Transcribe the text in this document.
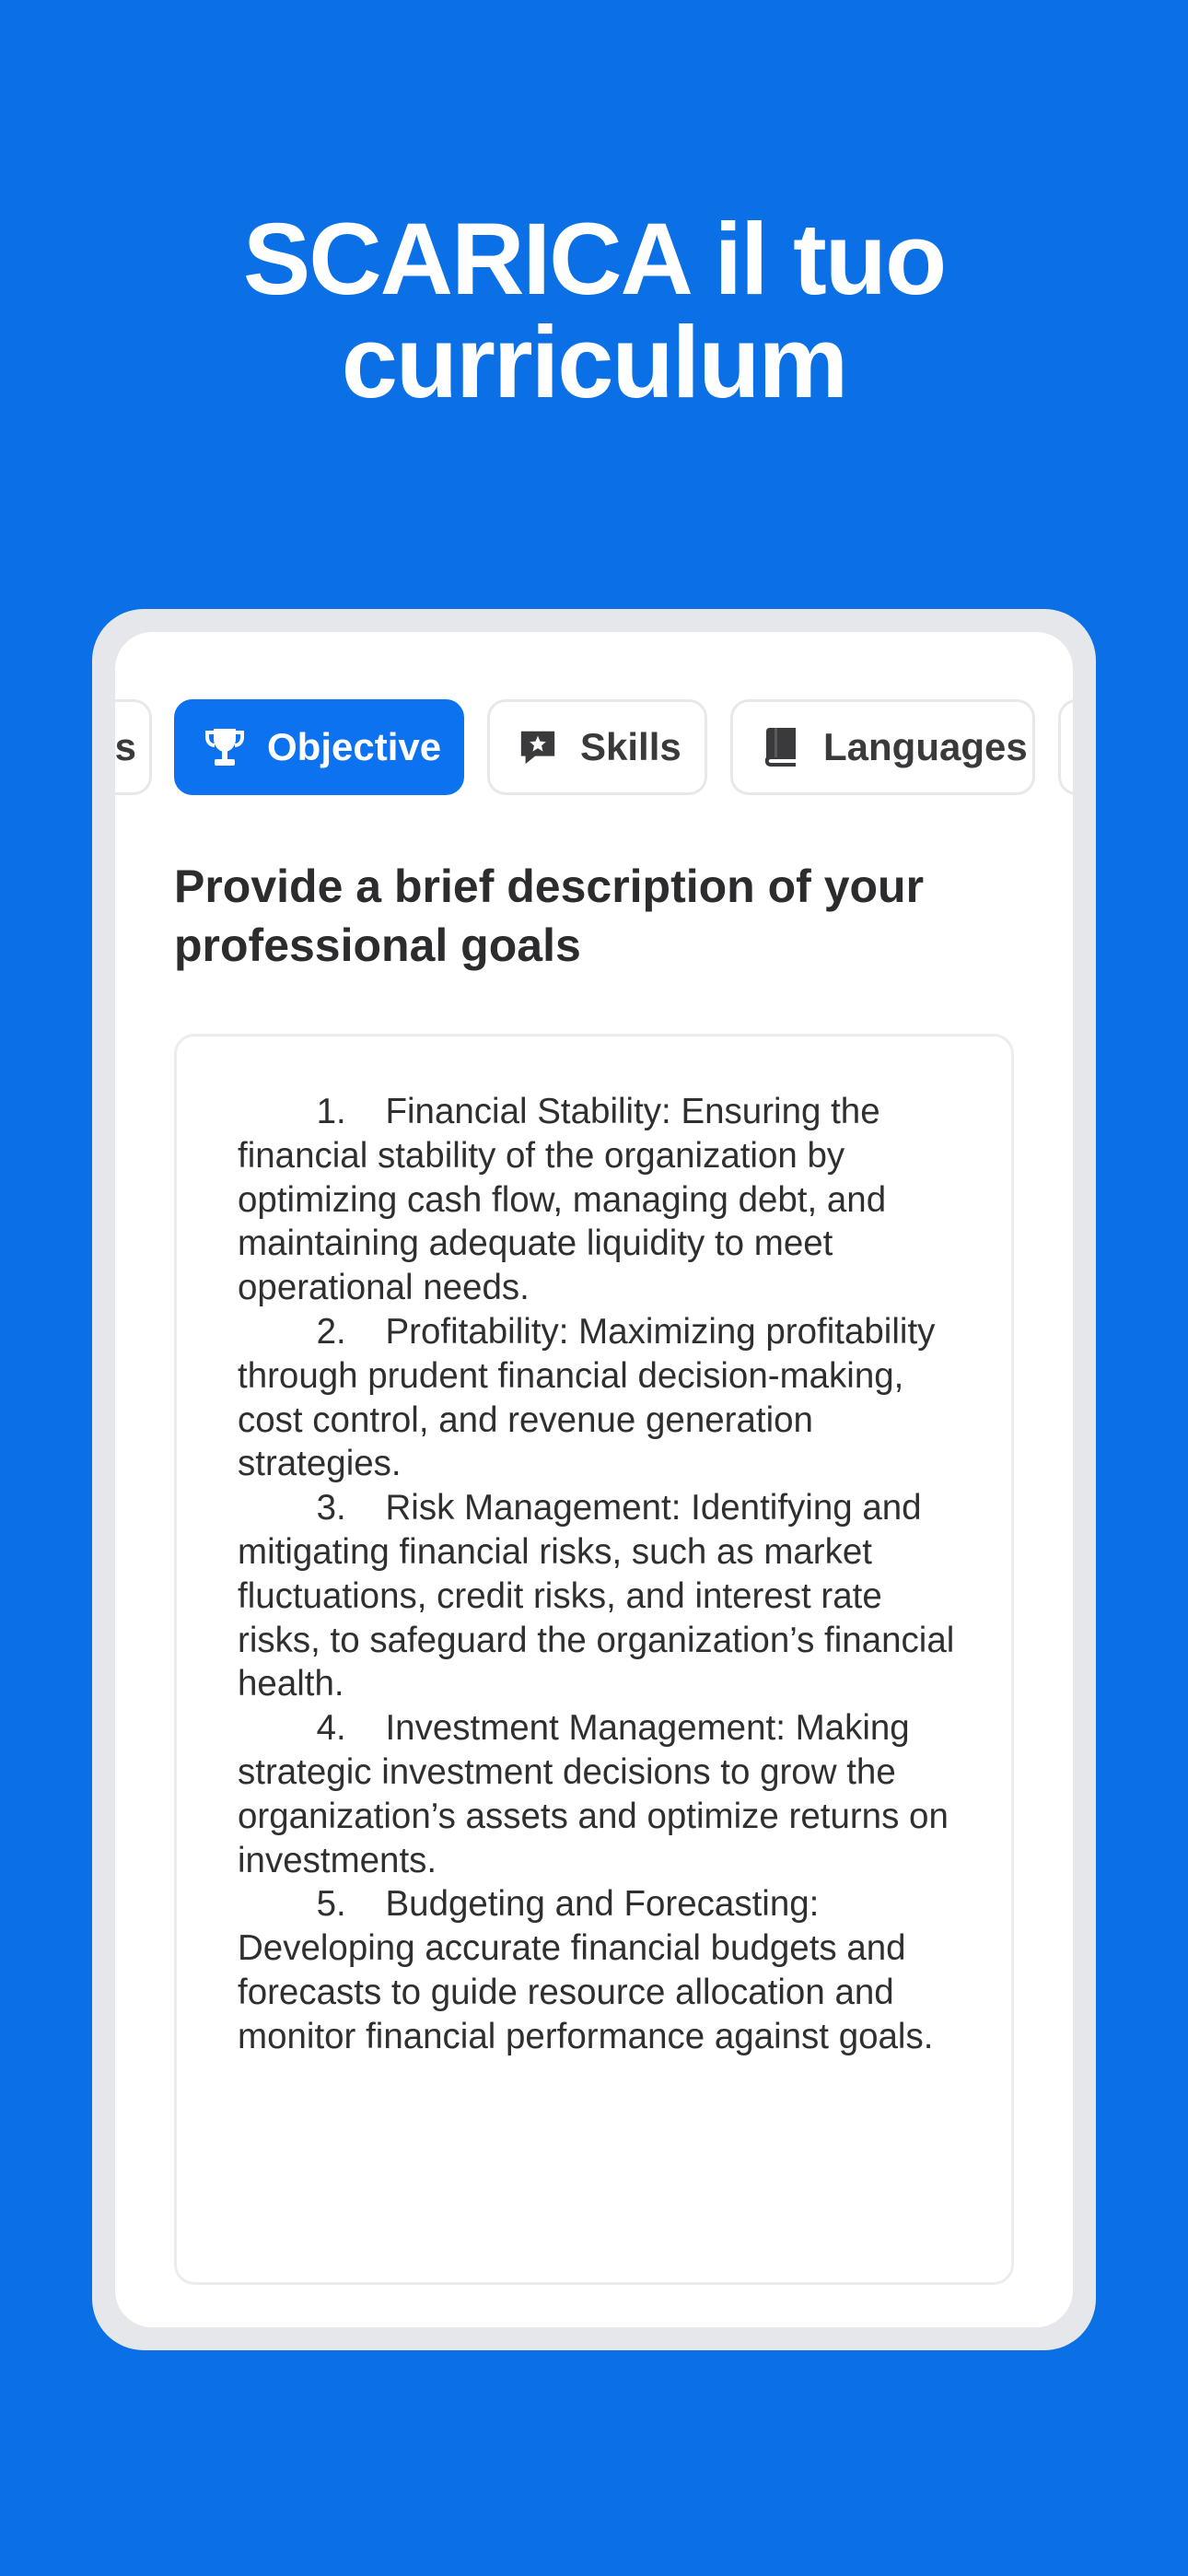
SCARICA il tuo
curriculum
s	Objective	Skills	Languages
Provide a brief description of your professional goals
1.    Financial Stability: Ensuring the financial stability of the organization by optimizing cash flow, managing debt, and maintaining adequate liquidity to meet operational needs.
2.    Profitability: Maximizing profitability through prudent financial decision-making, cost control, and revenue generation strategies.
3.    Risk Management: Identifying and mitigating financial risks, such as market fluctuations, credit risks, and interest rate risks, to safeguard the organization’s financial health.
4.    Investment Management: Making strategic investment decisions to grow the organization’s assets and optimize returns on investments.
5.    Budgeting and Forecasting: Developing accurate financial budgets and forecasts to guide resource allocation and monitor financial performance against goals.
